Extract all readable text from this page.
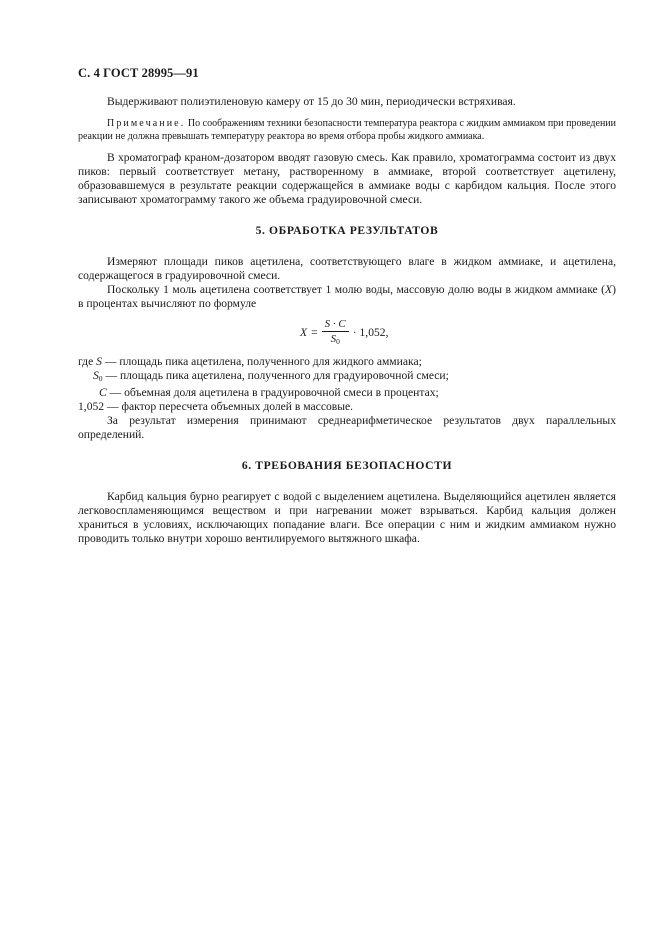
С. 4 ГОСТ 28995—91

Выдерживают полиэтиленовую камеру от 15 до 30 мин, периодически встряхивая.

Примечание. По соображениям техники безопасности температура реактора с жидким аммиаком при проведении реакции не должна превышать температуру реактора во время отбора пробы жидкого аммиака.

В хроматограф краном-дозатором вводят газовую смесь. Как правило, хроматограмма состоит из двух пиков: первый соответствует метану, растворенному в аммиаке, второй соответствует ацетилену, образовавшемуся в результате реакции содержащейся в аммиаке воды с карбидом кальция. После этого записывают хроматограмму такого же объема градуировочной смеси.

5. ОБРАБОТКА РЕЗУЛЬТАТОВ

Измеряют площади пиков ацетилена, соответствующего влаге в жидком аммиаке, и ацетилена, содержащегося в градуировочной смеси.

Поскольку 1 моль ацетилена соответствует 1 молю воды, массовую долю воды в жидком аммиаке (X) в процентах вычисляют по формуле

$X = \frac{S \cdot C}{S_0} \cdot 1,052$,
где S — площадь пика ацетилена, полученного для жидкого аммиака;
$S_0$ — площадь пика ацетилена, полученного для градуировочной смеси;
C — объемная доля ацетилена в градуировочной смеси в процентах;
1,052 — фактор пересчета объемных долей в массовые.

За результат измерения принимают среднеарифметическое результатов двух параллельных определений.

6. ТРЕБОВАНИЯ БЕЗОПАСНОСТИ

Карбид кальция бурно реагирует с водой с выделением ацетилена. Выделяющийся ацетилен является легковоспламеняющимся веществом и при нагревании может взрываться. Карбид кальция должен храниться в условиях, исключающих попадание влаги. Все операции с ним и жидким аммиаком нужно проводить только внутри хорошо вентилируемого вытяжного шкафа.
